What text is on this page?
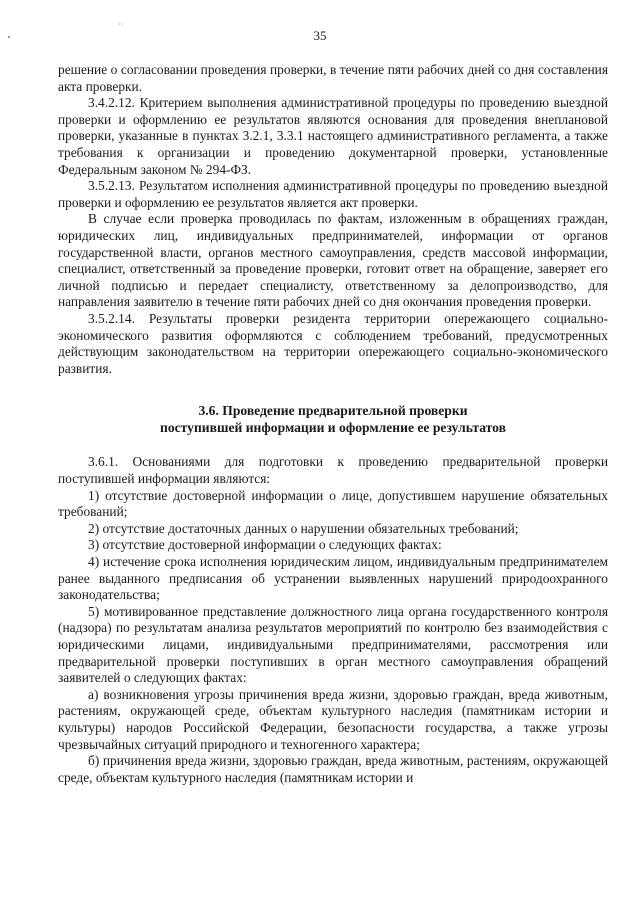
˙˙
35

решение о согласовании проведения проверки, в течение пяти рабочих дней со дня составления акта проверки.

3.4.2.12. Критерием выполнения административной процедуры по проведению выездной проверки и оформлению ее результатов являются основания для проведения внеплановой проверки, указанные в пунктах 3.2.1, 3.3.1 настоящего административного регламента, а также требования к организации и проведению документарной проверки, установленные Федеральным законом № 294-ФЗ.

3.5.2.13. Результатом исполнения административной процедуры по проведению выездной проверки и оформлению ее результатов является акт проверки.

В случае если проверка проводилась по фактам, изложенным в обращениях граждан, юридических лиц, индивидуальных предпринимателей, информации от органов государственной власти, органов местного самоуправления, средств массовой информации, специалист, ответственный за проведение проверки, готовит ответ на обращение, заверяет его личной подписью и передает специалисту, ответственному за делопроизводство, для направления заявителю в течение пяти рабочих дней со дня окончания проведения проверки.

3.5.2.14. Результаты проверки резидента территории опережающего социально-экономического развития оформляются с соблюдением требований, предусмотренных действующим законодательством на территории опережающего социально-экономического развития.

3.6. Проведение предварительной проверки
поступившей информации и оформление ее результатов

3.6.1. Основаниями для подготовки к проведению предварительной проверки поступившей информации являются:

1) отсутствие достоверной информации о лице, допустившем нарушение обязательных требований;

2) отсутствие достаточных данных о нарушении обязательных требований;

3) отсутствие достоверной информации о следующих фактах:

4) истечение срока исполнения юридическим лицом, индивидуальным предпринимателем ранее выданного предписания об устранении выявленных нарушений природоохранного законодательства;

5) мотивированное представление должностного лица органа государственного контроля (надзора) по результатам анализа результатов мероприятий по контролю без взаимодействия с юридическими лицами, индивидуальными предпринимателями, рассмотрения или предварительной проверки поступивших в орган местного самоуправления обращений заявителей о следующих фактах:

а) возникновения угрозы причинения вреда жизни, здоровью граждан, вреда животным, растениям, окружающей среде, объектам культурного наследия (памятникам истории и культуры) народов Российской Федерации, безопасности государства, а также угрозы чрезвычайных ситуаций природного и техногенного характера;

б) причинения вреда жизни, здоровью граждан, вреда животным, растениям, окружающей среде, объектам культурного наследия (памятникам истории и
